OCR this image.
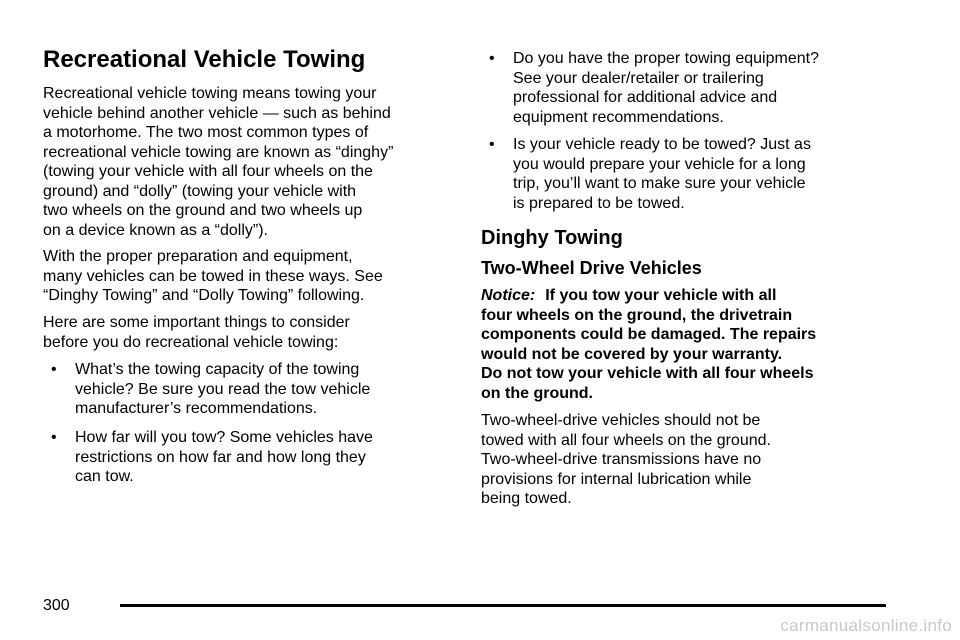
Recreational Vehicle Towing
Recreational vehicle towing means towing your
vehicle behind another vehicle — such as behind
a motorhome. The two most common types of
recreational vehicle towing are known as “dinghy”
(towing your vehicle with all four wheels on the
ground) and “dolly” (towing your vehicle with
two wheels on the ground and two wheels up
on a device known as a “dolly”).
With the proper preparation and equipment,
many vehicles can be towed in these ways. See
“Dinghy Towing” and “Dolly Towing” following.
Here are some important things to consider
before you do recreational vehicle towing:
• What’s the towing capacity of the towing
vehicle? Be sure you read the tow vehicle
manufacturer’s recommendations.
• How far will you tow? Some vehicles have
restrictions on how far and how long they
can tow.
• Do you have the proper towing equipment?
See your dealer/retailer or trailering
professional for additional advice and
equipment recommendations.
• Is your vehicle ready to be towed? Just as
you would prepare your vehicle for a long
trip, you’ll want to make sure your vehicle
is prepared to be towed.
Dinghy Towing
Two-Wheel Drive Vehicles
Notice: If you tow your vehicle with all
four wheels on the ground, the drivetrain
components could be damaged. The repairs
would not be covered by your warranty.
Do not tow your vehicle with all four wheels
on the ground.
Two-wheel-drive vehicles should not be
towed with all four wheels on the ground.
Two-wheel-drive transmissions have no
provisions for internal lubrication while
being towed.
300
carmanualsonline.info
